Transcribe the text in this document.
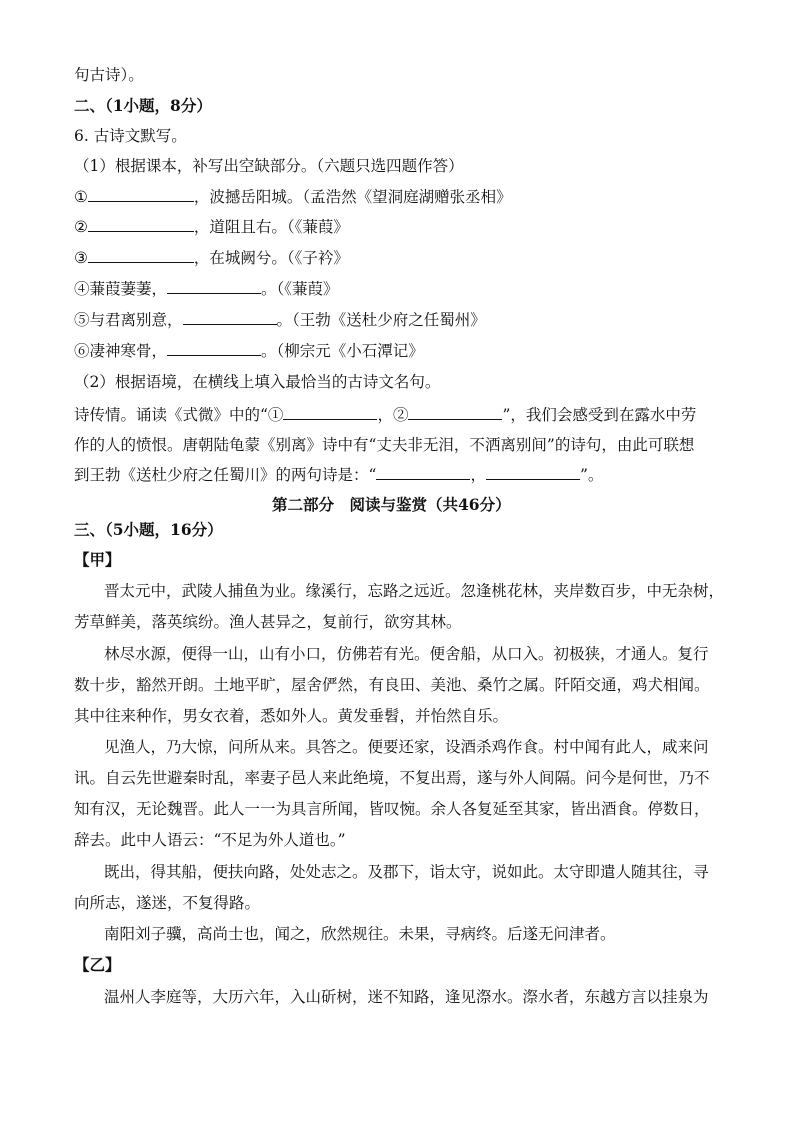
句古诗）。
二、（1小题，8分）
6. 古诗文默写。
（1）根据课本，补写出空缺部分。（六题只选四题作答）
①	，波撼岳阳城。（孟浩然《望洞庭湖赠张丞相》
②	，道阻且右。（《蒹葭》
③	，在城阙兮。（《子衿》
④蒹葭萋萋，	。（《蒹葭》
⑤与君离别意，	。（王勃《送杜少府之任蜀州》
⑥凄神寒骨，	。（柳宗元《小石潭记》
（2）根据语境，在横线上填入最恰当的古诗文名句。
诗传情。诵读《式微》中的“①	，②	”，我们会感受到在露水中劳
作的人的愤恨。唐朝陆龟蒙《别离》诗中有“丈夫非无泪，不洒离别间”的诗句，由此可联想
到王勃《送杜少府之任蜀川》的两句诗是：“	，	”。
第二部分　阅读与鉴赏（共46分）
三、（5小题，16分）
【甲】
晋太元中，武陵人捕鱼为业。缘溪行，忘路之远近。忽逢桃花林，夹岸数百步，中无杂树，
芳草鲜美，落英缤纷。渔人甚异之，复前行，欲穷其林。
林尽水源，便得一山，山有小口，仿佛若有光。便舍船，从口入。初极狭，才通人。复行
数十步，豁然开朗。土地平旷，屋舍俨然，有良田、美池、桑竹之属。阡陌交通，鸡犬相闻。
其中往来种作，男女衣着，悉如外人。黄发垂髫，并怡然自乐。
见渔人，乃大惊，问所从来。具答之。便要还家，设酒杀鸡作食。村中闻有此人，咸来问
讯。自云先世避秦时乱，率妻子邑人来此绝境，不复出焉，遂与外人间隔。问今是何世，乃不
知有汉，无论魏晋。此人一一为具言所闻，皆叹惋。余人各复延至其家，皆出酒食。停数日，
辞去。此中人语云：“不足为外人道也。”
既出，得其船，便扶向路，处处志之。及郡下，诣太守，说如此。太守即遣人随其往，寻
向所志，遂迷，不复得路。
南阳刘子骥，高尚士也，闻之，欣然规往。未果，寻病终。后遂无问津者。
【乙】
温州人李庭等，大历六年，入山斫树，迷不知路，逢见漈水。漈水者，东越方言以挂泉为
